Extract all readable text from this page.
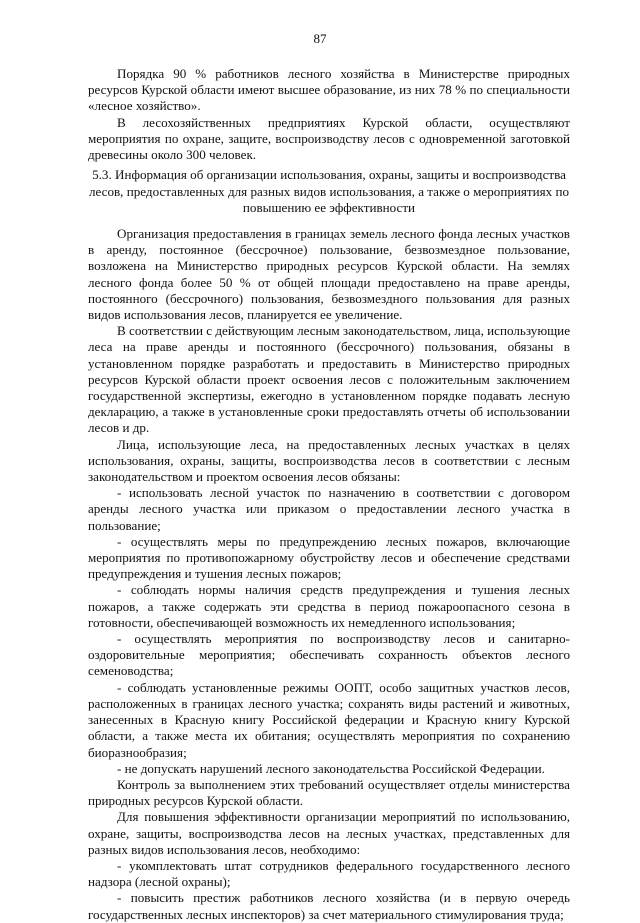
87

Порядка 90 % работников лесного хозяйства в Министерстве природных ресурсов Курской области имеют высшее образование, из них 78 % по специальности «лесное хозяйство».

В лесохозяйственных предприятиях Курской области, осуществляют мероприятия по охране, защите, воспроизводству лесов с одновременной заготовкой древесины около 300 человек.

5.3. Информация об организации использования, охраны, защиты и воспроизводства лесов, предоставленных для разных видов использования, а также о мероприятиях по повышению ее эффективности

Организация предоставления в границах земель лесного фонда лесных участков в аренду, постоянное (бессрочное) пользование, безвозмездное пользование, возложена на Министерство природных ресурсов Курской области. На землях лесного фонда более 50 % от общей площади предоставлено на праве аренды, постоянного (бессрочного) пользования, безвозмездного пользования для разных видов использования лесов, планируется ее увеличение.

В соответствии с действующим лесным законодательством, лица, использующие леса на праве аренды и постоянного (бессрочного) пользования, обязаны в установленном порядке разработать и предоставить в Министерство природных ресурсов Курской области проект освоения лесов с положительным заключением государственной экспертизы, ежегодно в установленном порядке подавать лесную декларацию, а также в установленные сроки предоставлять отчеты об использовании лесов и др.

Лица, использующие леса, на предоставленных лесных участках в целях использования, охраны, защиты, воспроизводства лесов в соответствии с лесным законодательством и проектом освоения лесов обязаны:

- использовать лесной участок по назначению в соответствии с договором аренды лесного участка или приказом о предоставлении лесного участка в пользование;

- осуществлять меры по предупреждению лесных пожаров, включающие мероприятия по противопожарному обустройству лесов и обеспечение средствами предупреждения и тушения лесных пожаров;

- соблюдать нормы наличия средств предупреждения и тушения лесных пожаров, а также содержать эти средства в период пожароопасного сезона в готовности, обеспечивающей возможность их немедленного использования;

- осуществлять мероприятия по воспроизводству лесов и санитарно-оздоровительные мероприятия; обеспечивать сохранность объектов лесного семеноводства;

- соблюдать установленные режимы ООПТ, особо защитных участков лесов, расположенных в границах лесного участка; сохранять виды растений и животных, занесенных в Красную книгу Российской федерации и Красную книгу Курской области, а также места их обитания; осуществлять мероприятия по сохранению биоразнообразия;

- не допускать нарушений лесного законодательства Российской Федерации.

Контроль за выполнением этих требований осуществляет отделы министерства природных ресурсов Курской области.

Для повышения эффективности организации мероприятий по использованию, охране, защиты, воспроизводства лесов на лесных участках, представленных для разных видов использования лесов, необходимо:

- укомплектовать штат сотрудников федерального государственного лесного надзора (лесной охраны);

- повысить престиж работников лесного хозяйства (и в первую очередь государственных лесных инспекторов) за счет материального стимулирования труда;
